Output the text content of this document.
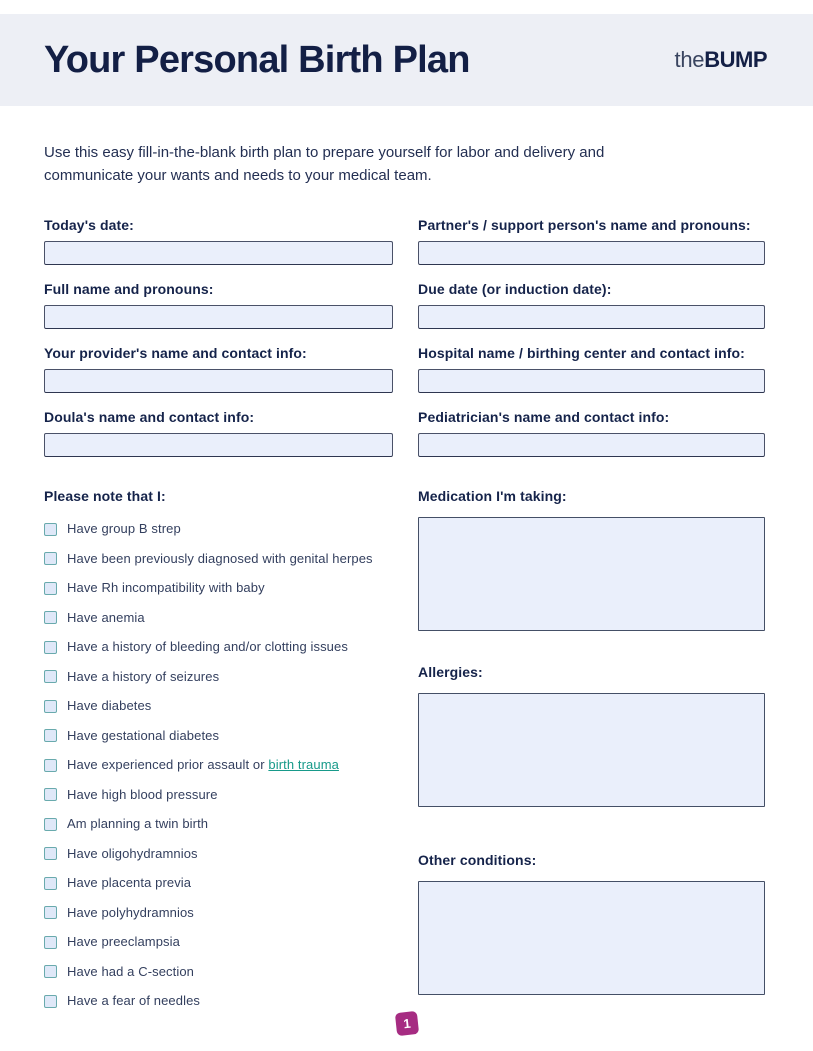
Your Personal Birth Plan	theBUMP

Use this easy fill-in-the-blank birth plan to prepare yourself for labor and delivery and communicate your wants and needs to your medical team.

Today's date:	Partner's / support person's name and pronouns:
Full name and pronouns:	Due date (or induction date):
Your provider's name and contact info:	Hospital name / birthing center and contact info:
Doula's name and contact info:	Pediatrician's name and contact info:
Please note that I:
Have group B strep
Have been previously diagnosed with genital herpes
Have Rh incompatibility with baby
Have anemia
Have a history of bleeding and/or clotting issues
Have a history of seizures
Have diabetes
Have gestational diabetes
Have experienced prior assault or birth trauma
Have high blood pressure
Am planning a twin birth
Have oligohydramnios
Have placenta previa
Have polyhydramnios
Have preeclampsia
Have had a C-section
Have a fear of needles
Medication I'm taking:
Allergies:
Other conditions:
1
